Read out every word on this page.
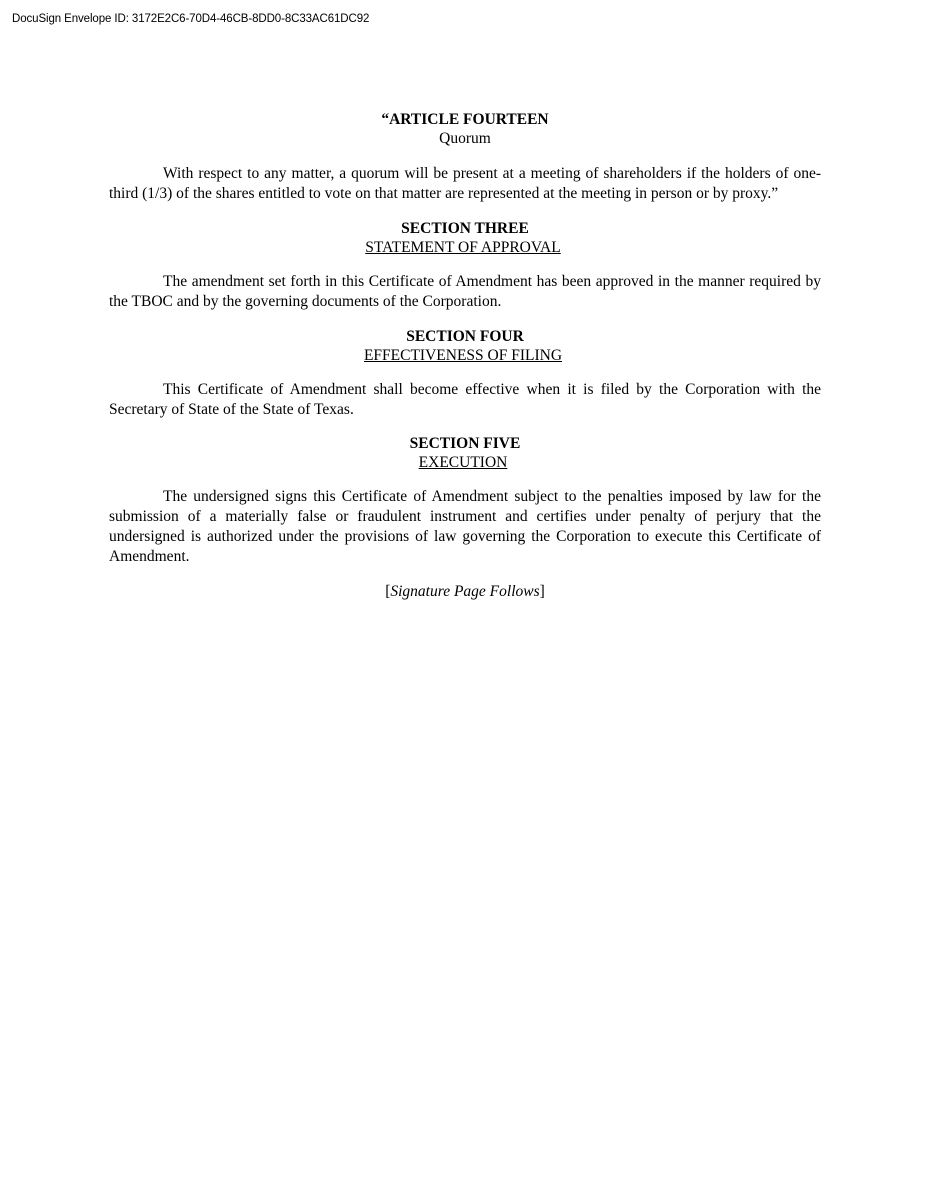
DocuSign Envelope ID: 3172E2C6-70D4-46CB-8DD0-8C33AC61DC92
“ARTICLE FOURTEEN
Quorum

With respect to any matter, a quorum will be present at a meeting of shareholders if the holders of one-third (1/3) of the shares entitled to vote on that matter are represented at the meeting in person or by proxy.”

SECTION THREE
STATEMENT OF APPROVAL

The amendment set forth in this Certificate of Amendment has been approved in the manner required by the TBOC and by the governing documents of the Corporation.

SECTION FOUR
EFFECTIVENESS OF FILING

This Certificate of Amendment shall become effective when it is filed by the Corporation with the Secretary of State of the State of Texas.

SECTION FIVE
EXECUTION

The undersigned signs this Certificate of Amendment subject to the penalties imposed by law for the submission of a materially false or fraudulent instrument and certifies under penalty of perjury that the undersigned is authorized under the provisions of law governing the Corporation to execute this Certificate of Amendment.

[Signature Page Follows]
